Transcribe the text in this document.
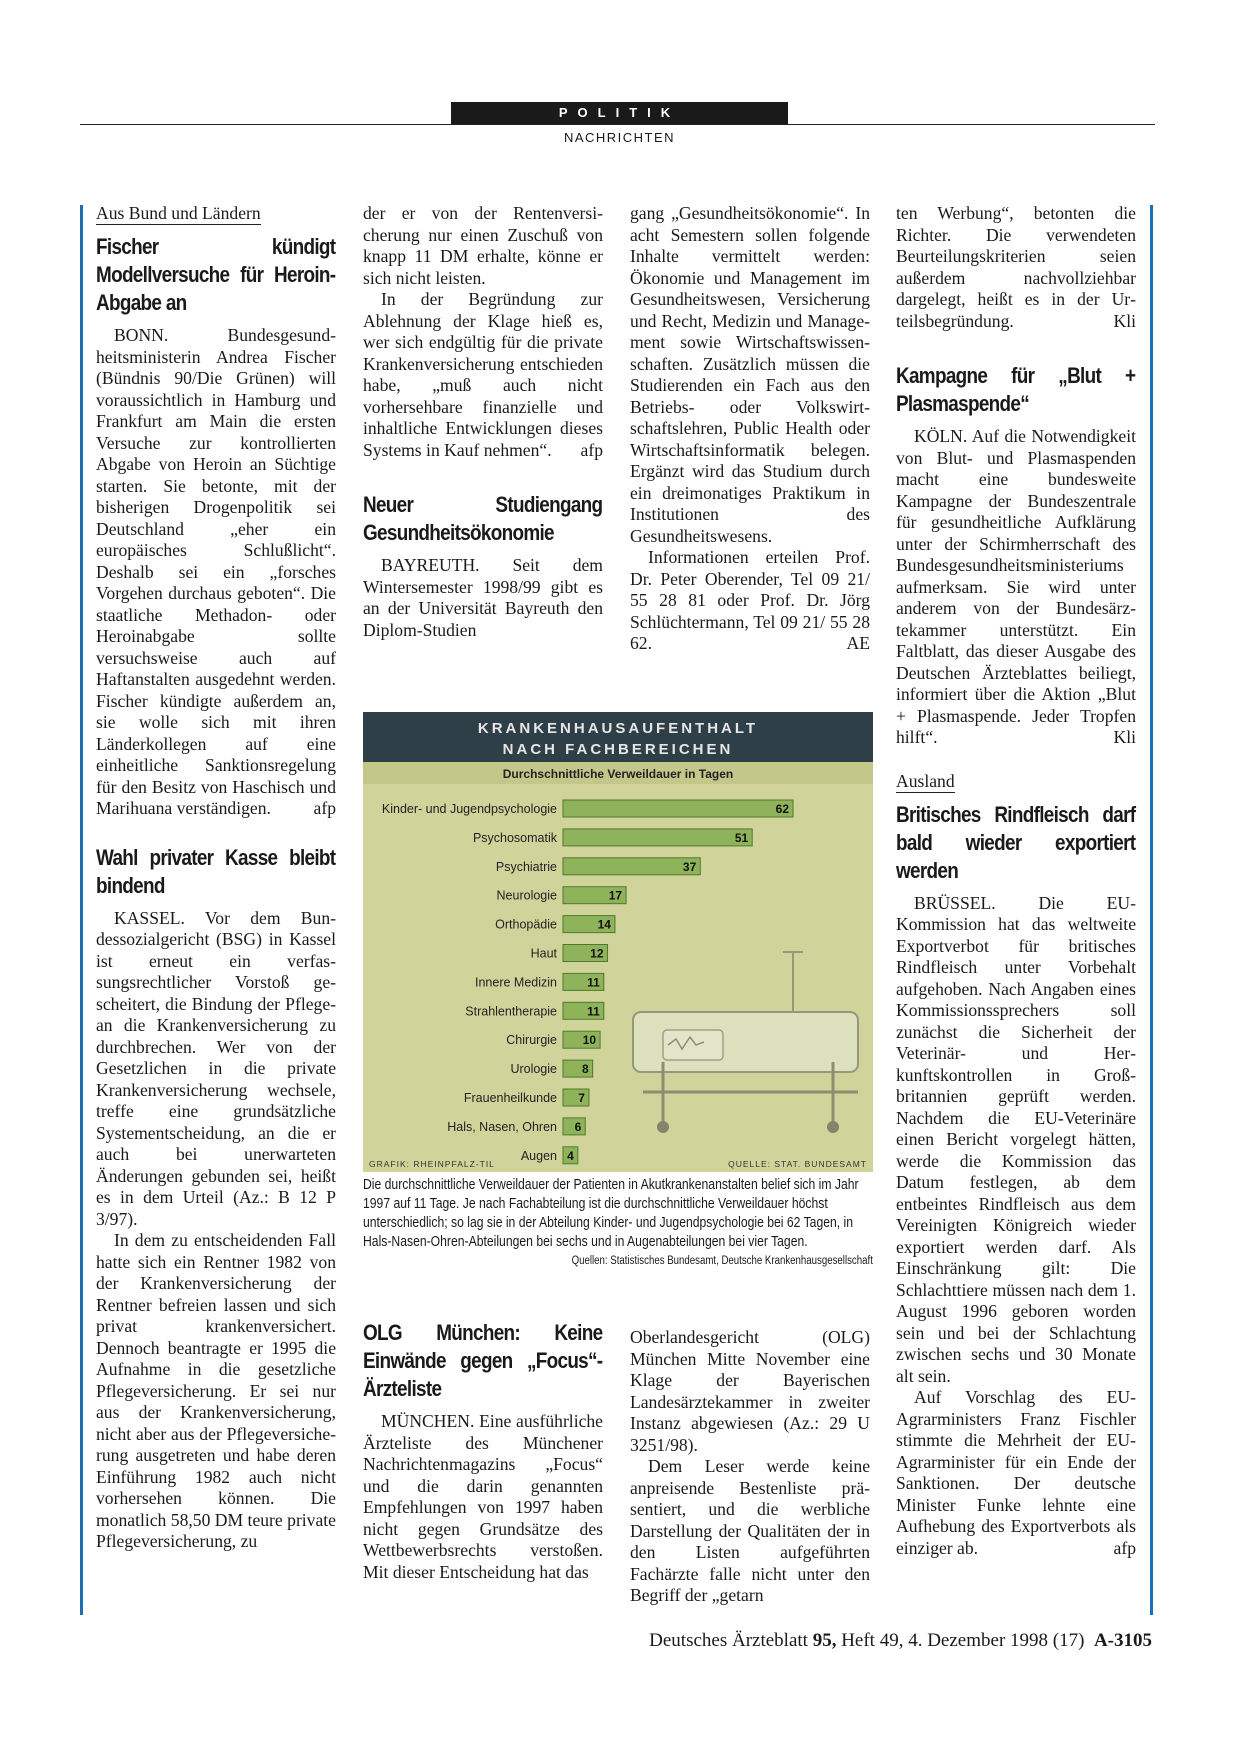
POLITIK
NACHRICHTEN
Aus Bund und Ländern
Fischer kündigt Modellversuche für Heroin-Abgabe an

BONN. Bundesgesundheitsministerin Andrea Fischer (Bündnis 90/Die Grünen) will voraussichtlich in Hamburg und Frankfurt am Main die ersten Versuche zur kontrollierten Abgabe von Heroin an Süchtige starten. Sie betonte, mit der bisherigen Drogenpolitik sei Deutschland „eher ein europäisches Schlußlicht“. Deshalb sei ein „forsches Vorgehen durchaus geboten“. Die staatliche Methadon- oder Heroinabgabe sollte versuchsweise auch auf Haftanstalten ausgedehnt werden. Fischer kündigte außerdem an, sie wolle sich mit ihren Länderkollegen auf eine einheitliche Sanktionsregelung für den Besitz von Haschisch und Marihuana verständigen.	afp

Wahl privater Kasse bleibt bindend

KASSEL. Vor dem Bundessozialgericht (BSG) in Kassel ist erneut ein verfassungsrechtlicher Vorstoß gescheitert, die Bindung der Pflege- an die Krankenversicherung zu durchbrechen. Wer von der Gesetzlichen in die private Krankenversicherung wechsele, treffe eine grundsätzliche Systementscheidung, an die er auch bei unerwarteten Änderungen gebunden sei, heißt es in dem Urteil (Az.: B 12 P 3/97).

In dem zu entscheidenden Fall hatte sich ein Rentner 1982 von der Krankenversicherung der Rentner befreien lassen und sich privat krankenversichert. Dennoch beantragte er 1995 die Aufnahme in die gesetzliche Pflegeversicherung. Er sei nur aus der Krankenversicherung, nicht aber aus der Pflegeversicherung ausgetreten und habe deren Einführung 1982 auch nicht vorhersehen können. Die monatlich 58,50 DM teure private Pflegeversicherung, zu

der er von der Rentenversicherung nur einen Zuschuß von knapp 11 DM erhalte, könne er sich nicht leisten.

In der Begründung zur Ablehnung der Klage hieß es, wer sich endgültig für die private Krankenversicherung entschieden habe, „muß auch nicht vorhersehbare finanzielle und inhaltliche Entwicklungen dieses Systems in Kauf nehmen“.	afp

Neuer Studiengang Gesundheitsökonomie

BAYREUTH. Seit dem Wintersemester 1998/99 gibt es an der Universität Bayreuth den Diplom-Studien

gang „Gesundheitsökonomie“. In acht Semestern sollen folgende Inhalte vermittelt werden: Ökonomie und Management im Gesundheitswesen, Versicherung und Recht, Medizin und Management sowie Wirtschaftswissenschaften. Zusätzlich müssen die Studierenden ein Fach aus den Betriebs- oder Volkswirtschaftslehren, Public Health oder Wirtschaftsinformatik belegen. Ergänzt wird das Studium durch ein dreimonatiges Praktikum in Institutionen des Gesundheitswesens.

Informationen erteilen Prof. Dr. Peter Oberender, Tel 09 21/ 55 28 81 oder Prof. Dr. Jörg Schlüchtermann, Tel 09 21/ 55 28 62.	AE

ten Werbung“, betonten die Richter. Die verwendeten Beurteilungskriterien seien außerdem nachvollziehbar dargelegt, heißt es in der Urteilsbegründung.	Kli

Kampagne für „Blut + Plasmaspende“

KÖLN. Auf die Notwendigkeit von Blut- und Plasmaspenden macht eine bundesweite Kampagne der Bundeszentrale für gesundheitliche Aufklärung unter der Schirmherrschaft des Bundesgesundheitsministeriums aufmerksam. Sie wird unter anderem von der Bundesärztekammer unterstützt. Ein Faltblatt, das dieser Ausgabe des Deutschen Ärzteblattes beiliegt, informiert über die Aktion „Blut + Plasmaspende. Jeder Tropfen hilft“.	Kli

Ausland
Britisches Rindfleisch darf bald wieder exportiert werden

BRÜSSEL. Die EU-Kommission hat das weltweite Exportverbot für britisches Rindfleisch unter Vorbehalt aufgehoben. Nach Angaben eines Kommissionssprechers soll zunächst die Sicherheit der Veterinär- und Herkunftskontrollen in Großbritannien geprüft werden. Nachdem die EU-Veterinäre einen Bericht vorgelegt hätten, werde die Kommission das Datum festlegen, ab dem entbeintes Rindfleisch aus dem Vereinigten Königreich wieder exportiert werden darf. Als Einschränkung gilt: Die Schlachttiere müssen nach dem 1. August 1996 geboren worden sein und bei der Schlachtung zwischen sechs und 30 Monate alt sein.

Auf Vorschlag des EU-Agrarministers Franz Fischler stimmte die Mehrheit der EU-Agrarminister für ein Ende der Sanktionen. Der deutsche Minister Funke lehnte eine Aufhebung des Exportverbots als einziger ab.	afp

KRANKENHAUSAUFENTHALT NACH FACHBEREICHEN
Durchschnittliche Verweildauer in Tagen
Kinder- und Jugendpsychologie	62
Psychosomatik	51
Psychiatrie	37
Neurologie	17
Orthopädie	14
Haut	12
Innere Medizin	11
Strahlentherapie	11
Chirurgie 10
Urologie 8
Frauenheilkunde 7
Hals, Nasen, Ohren 6
Augen 4
GRAFIK: RHEINPFALZ-TIL	QUELLE: STAT. BUNDESAMT
Die durchschnittliche Verweildauer der Patienten in Akutkrankenanstalten belief sich im Jahr 1997 auf 11 Tage. Je nach Fachabteilung ist die durchschnittliche Verweildauer höchst unterschiedlich; so lag sie in der Abteilung Kinder- und Jugendpsychologie bei 62 Tagen, in Hals-Nasen-Ohren-Abteilungen bei sechs und in Augenabteilungen bei vier Tagen.
Quellen: Statistisches Bundesamt, Deutsche Krankenhausgesellschaft
OLG München: Keine Einwände gegen „Focus“-Ärzteliste

MÜNCHEN. Eine ausführliche Ärzteliste des Münchener Nachrichtenmagazins „Focus“ und die darin genannten Empfehlungen von 1997 haben nicht gegen Grundsätze des Wettbewerbsrechts verstoßen. Mit dieser Entscheidung hat das

Oberlandesgericht (OLG) München Mitte November eine Klage der Bayerischen Landesärztekammer in zweiter Instanz abgewiesen (Az.: 29 U 3251/98).

Dem Leser werde keine anpreisende Bestenliste präsentiert, und die werbliche Darstellung der Qualitäten der in den Listen aufgeführten Fachärzte falle nicht unter den Begriff der „getarn

Deutsches Ärzteblatt 95, Heft 49, 4. Dezember 1998 (17) A-3105
